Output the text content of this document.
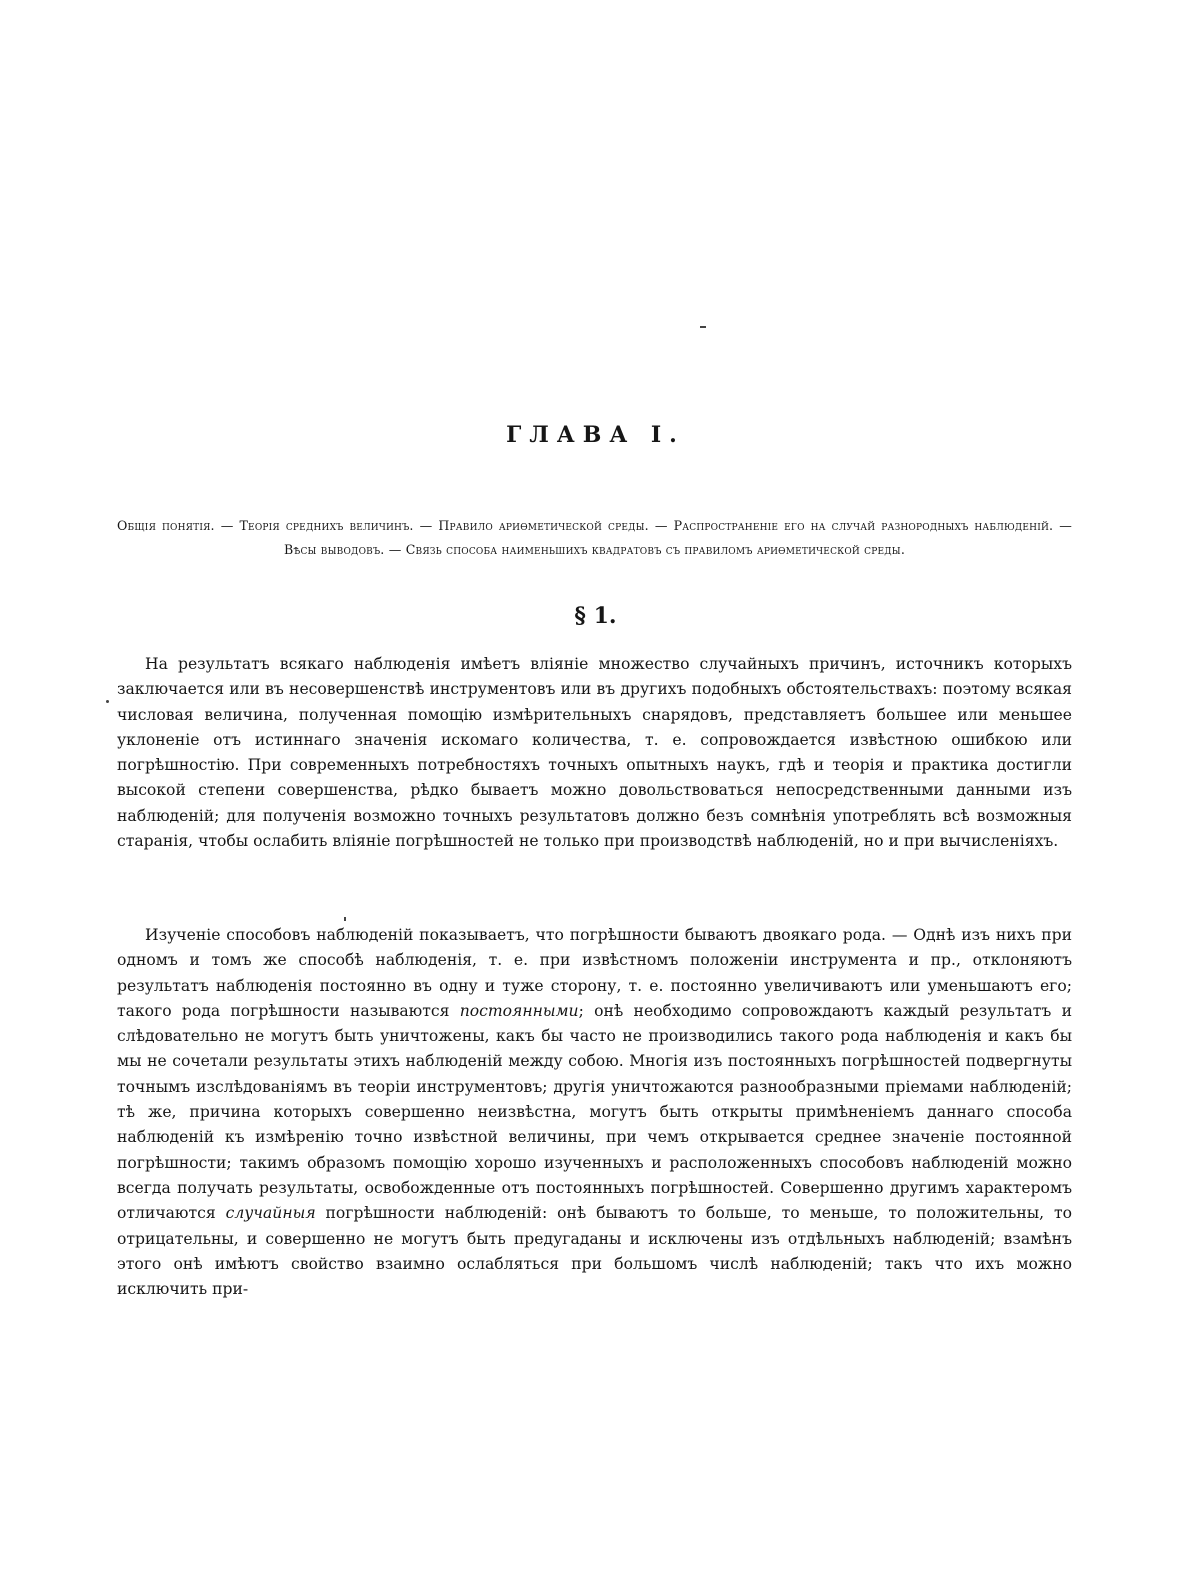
ГЛАВА I.

Общія понятія. — Теорія среднихъ величинъ. — Правило ариѳметической среды. — Распространеніе его на случай разнородныхъ наблюденій. — Вѣсы выводовъ. — Связь способа наименьшихъ квадратовъ съ правиломъ ариѳметической среды.

§ 1.

На результатъ всякаго наблюденія имѣетъ вліяніе множество случайныхъ причинъ, источникъ которыхъ заключается или въ несовершенствѣ инструментовъ или въ другихъ подобныхъ обстоятельствахъ: поэтому всякая числовая величина, полученная помощію измѣрительныхъ снарядовъ, представляетъ большее или меньшее уклоненіе отъ истиннаго значенія искомаго количества, т. е. сопровождается извѣстною ошибкою или погрѣшностію. При современныхъ потребностяхъ точныхъ опытныхъ наукъ, гдѣ и теорія и практика достигли высокой степени совершенства, рѣдко бываетъ можно довольствоваться непосредственными данными изъ наблюденій; для полученія возможно точныхъ результатовъ должно безъ сомнѣнія употреблять всѣ возможныя старанія, чтобы ослабить вліяніе погрѣшностей не только при производствѣ наблюденій, но и при вычисленіяхъ.

Изученіе способовъ наблюденій показываетъ, что погрѣшности бываютъ двоякаго рода. — Однѣ изъ нихъ при одномъ и томъ же способѣ наблюденія, т. е. при извѣстномъ положеніи инструмента и пр., отклоняютъ результатъ наблюденія постоянно въ одну и туже сторону, т. е. постоянно увеличиваютъ или уменьшаютъ его; такого рода погрѣшности называются постоянными; онѣ необходимо сопровождаютъ каждый результатъ и слѣдовательно не могутъ быть уничтожены, какъ бы часто не производились такого рода наблюденія и какъ бы мы не сочетали результаты этихъ наблюденій между собою. Многія изъ постоянныхъ погрѣшностей подвергнуты точнымъ изслѣдованіямъ въ теоріи инструментовъ; другія уничтожаются разнообразными пріемами наблюденій; тѣ же, причина которыхъ совершенно неизвѣстна, могутъ быть открыты примѣненіемъ даннаго способа наблюденій къ измѣренію точно извѣстной величины, при чемъ открывается среднее значеніе постоянной погрѣшности; такимъ образомъ помощію хорошо изученныхъ и расположенныхъ способовъ наблюденій можно всегда получать результаты, освобожденные отъ постоянныхъ погрѣшностей. Совершенно другимъ характеромъ отличаются случайныя погрѣшности наблюденій: онѣ бываютъ то больше, то меньше, то положительны, то отрицательны, и совершенно не могутъ быть предугаданы и исключены изъ отдѣльныхъ наблюденій; взамѣнъ этого онѣ имѣютъ свойство взаимно ослабляться при большомъ числѣ наблюденій; такъ что ихъ можно исключить при-
